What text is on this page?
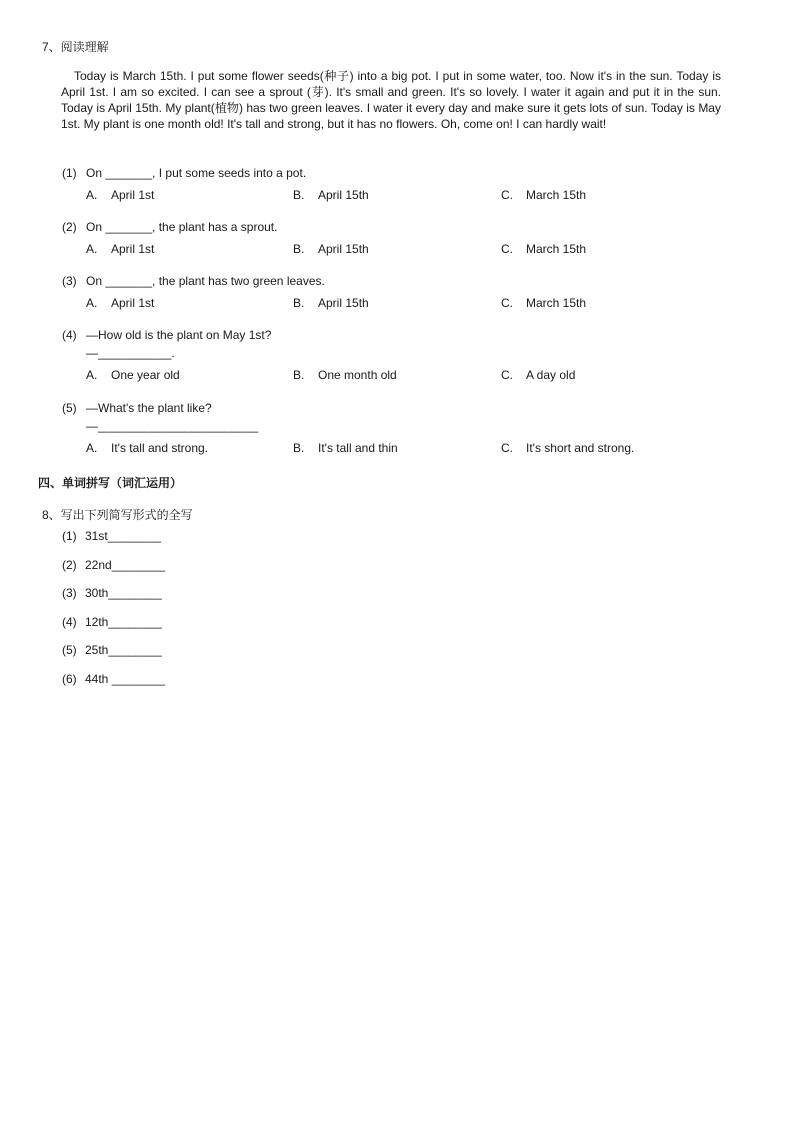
7、阅读理解

Today is March 15th. I put some flower seeds(种子) into a big pot. I put in some water, too. Now it's in the sun. Today is April 1st. I am so excited. I can see a sprout (芽). It's small and green. It's so lovely. I water it again and put it in the sun. Today is April 15th. My plant(植物) has two green leaves. I water it every day and make sure it gets lots of sun. Today is May 1st. My plant is one month old! It's tall and strong, but it has no flowers. Oh, come on! I can hardly wait!

(1) On _______, I put some seeds into a pot.
A.	April 1st	B.	April 15th	C.	March 15th
(2) On _______, the plant has a sprout.
A.	April 1st	B.	April 15th	C.	March 15th
(3) On _______, the plant has two green leaves.
A.	April 1st	B.	April 15th	C.	March 15th
(4) —How old is the plant on May 1st?
—___________.
A.	One year old	B.	One month old	C.	A day old
(5) —What's the plant like?
—________________________
A.	It's tall and strong.	B.	It's tall and thin	C.	It's short and strong.
四、单词拼写（词汇运用）
8、写出下列简写形式的全写
(1) 31st________
(2) 22nd________
(3) 30th________
(4) 12th________
(5) 25th________
(6) 44th ________
